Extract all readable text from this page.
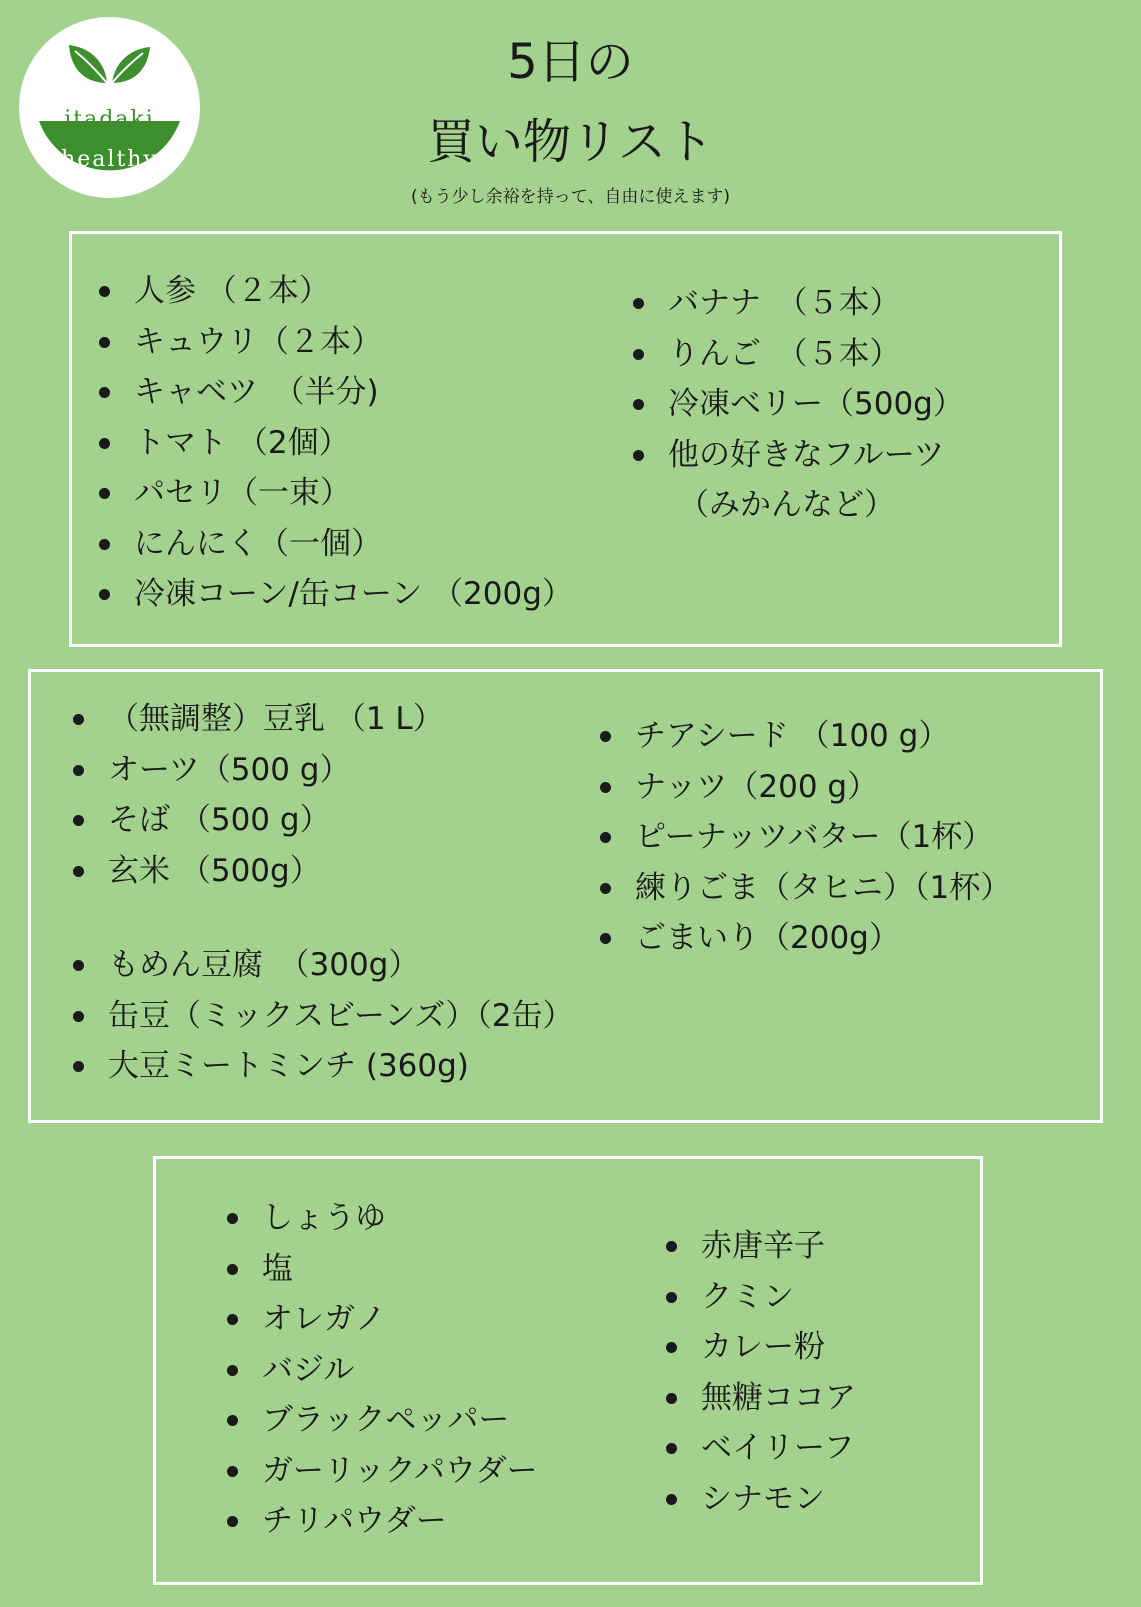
itadaki
healthy
5日の
買い物リスト
(もう少し余裕を持って、自由に使えます)
人参 （２本）
キュウリ（２本）
キャベツ　（半分)
トマト （2個）
パセリ（一束）
にんにく（一個）
冷凍コーン/缶コーン （200g）
バナナ　（５本）
りんご　（５本）
冷凍ベリー（500g）
他の好きなフルーツ
（みかんなど）
（無調整）豆乳 （1 L）
オーツ（500 g）
そば （500 g）
玄米 （500g）
もめん豆腐　（300g）
缶豆（ミックスビーンズ）（2缶）
大豆ミートミンチ (360g)
チアシード （100 g）
ナッツ（200 g）
ピーナッツバター（1杯）
練りごま（タヒニ）（1杯）
ごまいり（200g）
しょうゆ
塩
オレガノ
バジル
ブラックペッパー
ガーリックパウダー
チリパウダー
赤唐辛子
クミン
カレー粉
無糖ココア
ベイリーフ
シナモン
